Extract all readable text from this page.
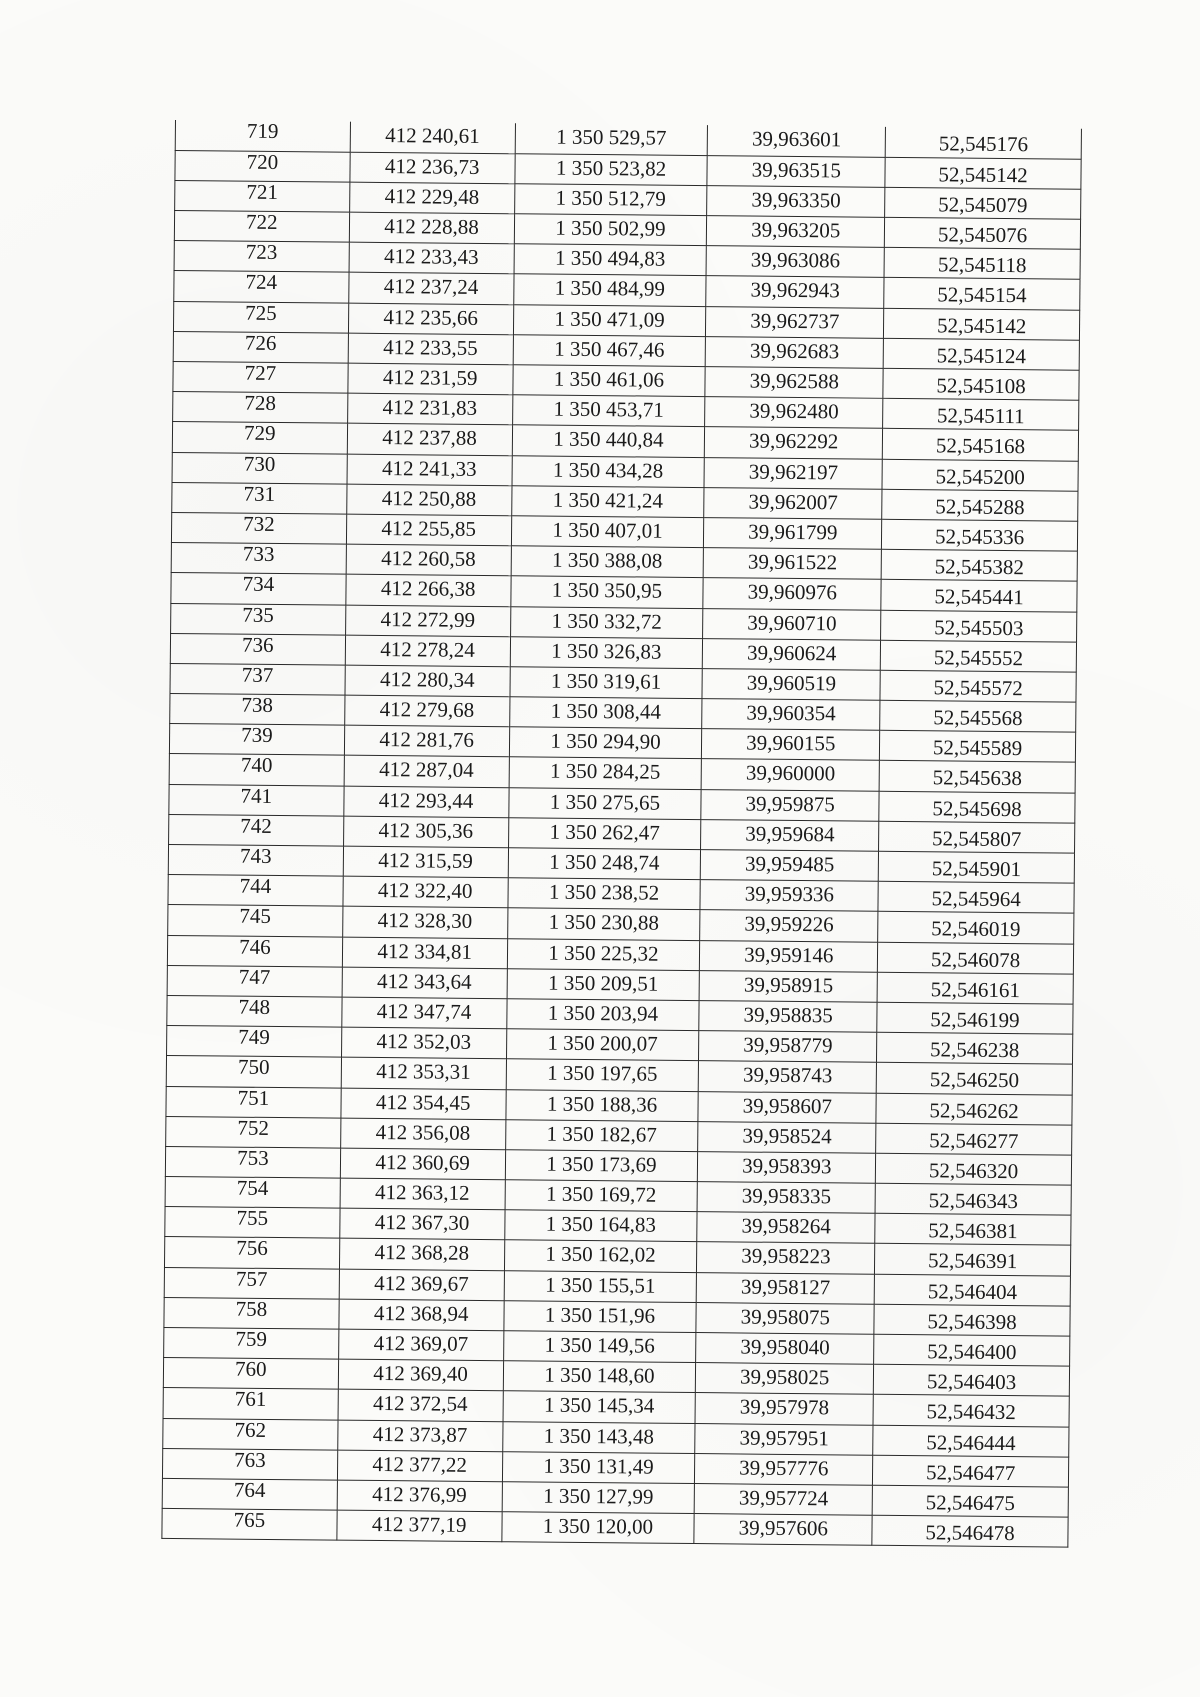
719	412 240,61	1 350 529,57	39,963601	52,545176
720	412 236,73	1 350 523,82	39,963515	52,545142
721	412 229,48	1 350 512,79	39,963350	52,545079
722	412 228,88	1 350 502,99	39,963205	52,545076
723	412 233,43	1 350 494,83	39,963086	52,545118
724	412 237,24	1 350 484,99	39,962943	52,545154
725	412 235,66	1 350 471,09	39,962737	52,545142
726	412 233,55	1 350 467,46	39,962683	52,545124
727	412 231,59	1 350 461,06	39,962588	52,545108
728	412 231,83	1 350 453,71	39,962480	52,545111
729	412 237,88	1 350 440,84	39,962292	52,545168
730	412 241,33	1 350 434,28	39,962197	52,545200
731	412 250,88	1 350 421,24	39,962007	52,545288
732	412 255,85	1 350 407,01	39,961799	52,545336
733	412 260,58	1 350 388,08	39,961522	52,545382
734	412 266,38	1 350 350,95	39,960976	52,545441
735	412 272,99	1 350 332,72	39,960710	52,545503
736	412 278,24	1 350 326,83	39,960624	52,545552
737	412 280,34	1 350 319,61	39,960519	52,545572
738	412 279,68	1 350 308,44	39,960354	52,545568
739	412 281,76	1 350 294,90	39,960155	52,545589
740	412 287,04	1 350 284,25	39,960000	52,545638
741	412 293,44	1 350 275,65	39,959875	52,545698
742	412 305,36	1 350 262,47	39,959684	52,545807
743	412 315,59	1 350 248,74	39,959485	52,545901
744	412 322,40	1 350 238,52	39,959336	52,545964
745	412 328,30	1 350 230,88	39,959226	52,546019
746	412 334,81	1 350 225,32	39,959146	52,546078
747	412 343,64	1 350 209,51	39,958915	52,546161
748	412 347,74	1 350 203,94	39,958835	52,546199
749	412 352,03	1 350 200,07	39,958779	52,546238
750	412 353,31	1 350 197,65	39,958743	52,546250
751	412 354,45	1 350 188,36	39,958607	52,546262
752	412 356,08	1 350 182,67	39,958524	52,546277
753	412 360,69	1 350 173,69	39,958393	52,546320
754	412 363,12	1 350 169,72	39,958335	52,546343
755	412 367,30	1 350 164,83	39,958264	52,546381
756	412 368,28	1 350 162,02	39,958223	52,546391
757	412 369,67	1 350 155,51	39,958127	52,546404
758	412 368,94	1 350 151,96	39,958075	52,546398
759	412 369,07	1 350 149,56	39,958040	52,546400
760	412 369,40	1 350 148,60	39,958025	52,546403
761	412 372,54	1 350 145,34	39,957978	52,546432
762	412 373,87	1 350 143,48	39,957951	52,546444
763	412 377,22	1 350 131,49	39,957776	52,546477
764	412 376,99	1 350 127,99	39,957724	52,546475
765	412 377,19	1 350 120,00	39,957606	52,546478
